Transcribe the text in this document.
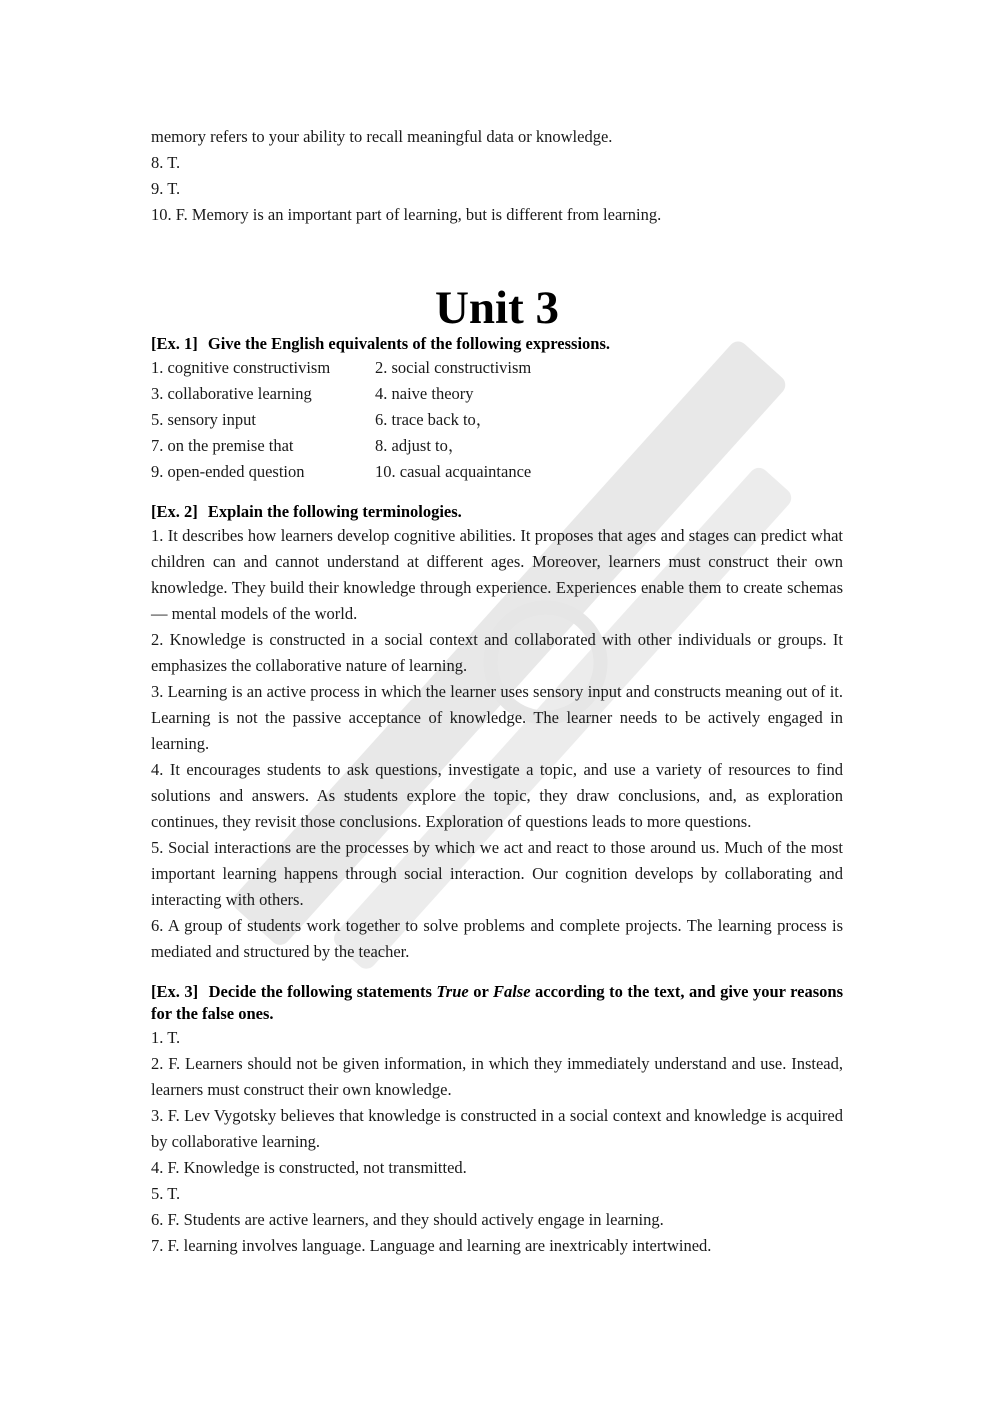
memory refers to your ability to recall meaningful data or knowledge.

8. T.

9. T.

10. F. Memory is an important part of learning, but is different from learning.

Unit 3

[Ex. 1] Give the English equivalents of the following expressions.

1. cognitive constructivism	2. social constructivism
3. collaborative learning	4. naive theory
5. sensory input	6. trace back to，
7. on the premise that	8. adjust to，
9. open-ended question	10. casual acquaintance

[Ex. 2] Explain the following terminologies.

1. It describes how learners develop cognitive abilities. It proposes that ages and stages can predict what children can and cannot understand at different ages. Moreover, learners must construct their own knowledge. They build their knowledge through experience. Experiences enable them to create schemas — mental models of the world.

2. Knowledge is constructed in a social context and collaborated with other individuals or groups. It emphasizes the collaborative nature of learning.

3. Learning is an active process in which the learner uses sensory input and constructs meaning out of it. Learning is not the passive acceptance of knowledge. The learner needs to be actively engaged in learning.

4. It encourages students to ask questions, investigate a topic, and use a variety of resources to find solutions and answers. As students explore the topic, they draw conclusions, and, as exploration continues, they revisit those conclusions. Exploration of questions leads to more questions.

5. Social interactions are the processes by which we act and react to those around us. Much of the most important learning happens through social interaction. Our cognition develops by collaborating and interacting with others.

6. A group of students work together to solve problems and complete projects. The learning process is mediated and structured by the teacher.

[Ex. 3] Decide the following statements True or False according to the text, and give your reasons for the false ones.

1. T.

2. F. Learners should not be given information, in which they immediately understand and use. Instead, learners must construct their own knowledge.

3. F. Lev Vygotsky believes that knowledge is constructed in a social context and knowledge is acquired by collaborative learning.

4. F. Knowledge is constructed, not transmitted.

5. T.

6. F. Students are active learners, and they should actively engage in learning.

7. F. learning involves language. Language and learning are inextricably intertwined.
